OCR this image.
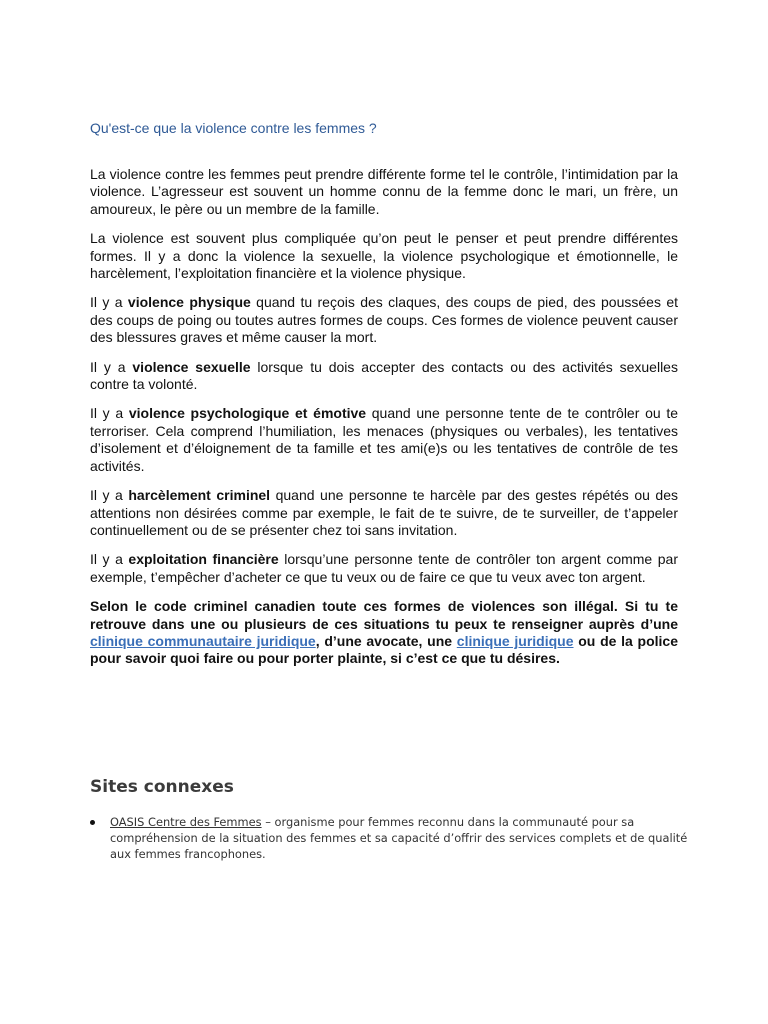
Qu'est-ce que la violence contre les femmes ?

La violence contre les femmes peut prendre différente forme tel le contrôle, l’intimidation par la violence. L’agresseur est souvent un homme connu de la femme donc le mari, un frère, un amoureux, le père ou un membre de la famille.

La violence est souvent plus compliquée qu’on peut le penser et peut prendre différentes formes. Il y a donc la violence la sexuelle, la violence psychologique et émotionnelle, le harcèlement, l’exploitation financière et la violence physique.

Il y a violence physique quand tu reçois des claques, des coups de pied, des poussées et des coups de poing ou toutes autres formes de coups. Ces formes de violence peuvent causer des blessures graves et même causer la mort.

Il y a violence sexuelle lorsque tu dois accepter des contacts ou des activités sexuelles contre ta volonté.

Il y a violence psychologique et émotive quand une personne tente de te contrôler ou te terroriser. Cela comprend l’humiliation, les menaces (physiques ou verbales), les tentatives d’isolement et d’éloignement de ta famille et tes ami(e)s ou les tentatives de contrôle de tes activités.

Il y a harcèlement criminel quand une personne te harcèle par des gestes répétés ou des attentions non désirées comme par exemple, le fait de te suivre, de te surveiller, de t’appeler continuellement ou de se présenter chez toi sans invitation.

Il y a exploitation financière lorsqu’une personne tente de contrôler ton argent comme par exemple, t’empêcher d’acheter ce que tu veux ou de faire ce que tu veux avec ton argent.

Selon le code criminel canadien toute ces formes de violences son illégal. Si tu te retrouve dans une ou plusieurs de ces situations tu peux te renseigner auprès d’une clinique communautaire juridique, d’une avocate, une clinique juridique ou de la police pour savoir quoi faire ou pour porter plainte, si c’est ce que tu désires.

Sites connexes
OASIS Centre des Femmes – organisme pour femmes reconnu dans la communauté pour sa compréhension de la situation des femmes et sa capacité d’offrir des services complets et de qualité aux femmes francophones.
